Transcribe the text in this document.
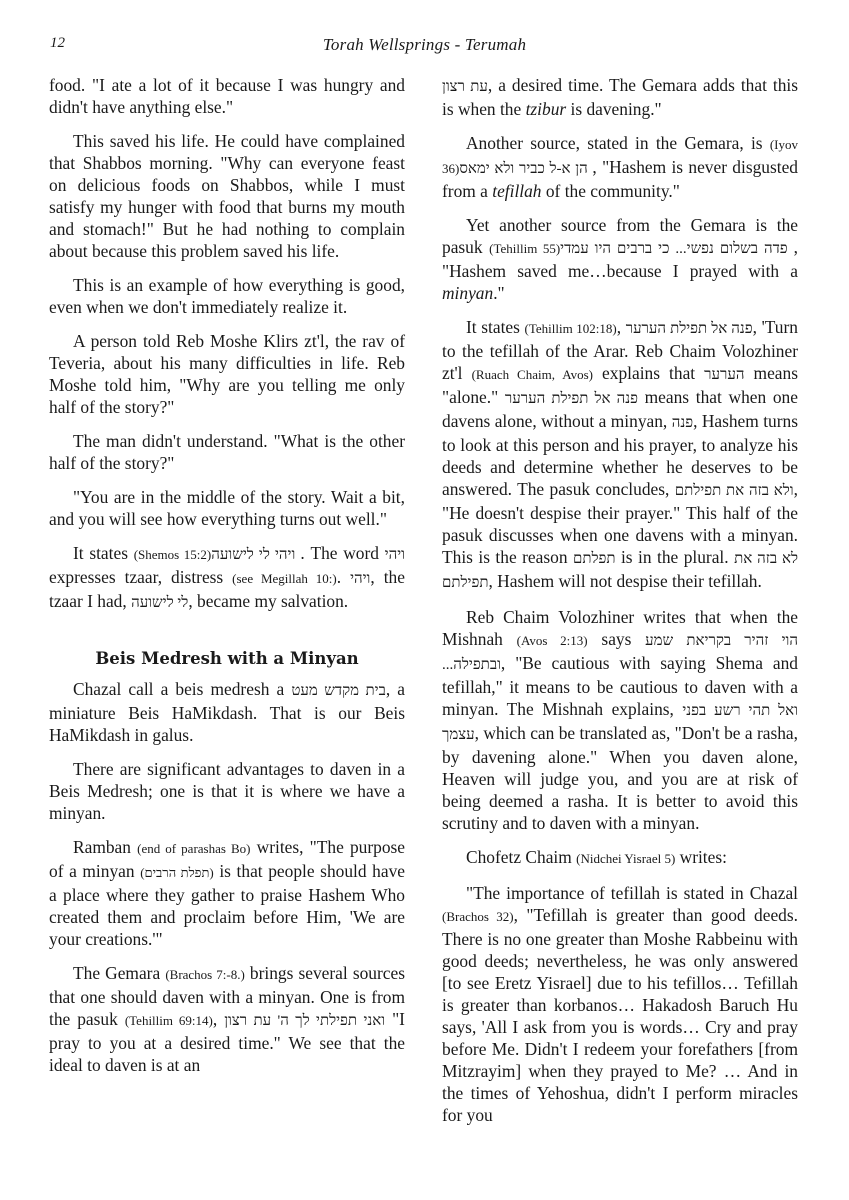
12	Torah Wellsprings - Terumah

food. "I ate a lot of it because I was hungry and didn't have anything else."

This saved his life. He could have complained that Shabbos morning. "Why can everyone feast on delicious foods on Shabbos, while I must satisfy my hunger with food that burns my mouth and stomach!" But he had nothing to complain about because this problem saved his life.

This is an example of how everything is good, even when we don't immediately realize it.

A person told Reb Moshe Klirs zt'l, the rav of Teveria, about his many difficulties in life. Reb Moshe told him, "Why are you telling me only half of the story?"

The man didn't understand. "What is the other half of the story?"

"You are in the middle of the story. Wait a bit, and you will see how everything turns out well."

It states (Shemos 15:2) ויהי לי לישועה. The word ויהי expresses tzaar, distress (see Megillah 10:). ויהי, the tzaar I had, לי לישועה, became my salvation.

Beis Medresh with a Minyan

Chazal call a beis medresh a בית מקדש מעט, a miniature Beis HaMikdash. That is our Beis HaMikdash in galus.

There are significant advantages to daven in a Beis Medresh; one is that it is where we have a minyan.

Ramban (end of parashas Bo) writes, "The purpose of a minyan (תפלת הרבים) is that people should have a place where they gather to praise Hashem Who created them and proclaim before Him, 'We are your creations.'"

The Gemara (Brachos 7:-8.) brings several sources that one should daven with a minyan. One is from the pasuk (Tehillim 69:14), ואני תפילתי לך ה' עת רצון "I pray to you at a desired time." We see that the ideal to daven is at an

עת רצון, a desired time. The Gemara adds that this is when the tzibur is davening."

Another source, stated in the Gemara, is (Iyov 36) הן א-ל כביר ולא ימאס, "Hashem is never disgusted from a tefillah of the community."

Yet another source from the Gemara is the pasuk (Tehillim 55) פדה בשלום נפשי... כי ברבים היו עמדי, "Hashem saved me…because I prayed with a minyan."

It states (Tehillim 102:18), פנה אל תפילת הערער, 'Turn to the tefillah of the Arar. Reb Chaim Volozhiner zt'l (Ruach Chaim, Avos) explains that הערער means "alone." פנה אל תפילת הערער means that when one davens alone, without a minyan, פנה, Hashem turns to look at this person and his prayer, to analyze his deeds and determine whether he deserves to be answered. The pasuk concludes, ולא בזה את תפילתם, "He doesn't despise their prayer." This half of the pasuk discusses when one davens with a minyan. This is the reason תפלתם is in the plural. לא בזה את תפילתם, Hashem will not despise their tefillah.

Reb Chaim Volozhiner writes that when the Mishnah (Avos 2:13) says הוי זהיר בקריאת שמע ובתפילה..., "Be cautious with saying Shema and tefillah," it means to be cautious to daven with a minyan. The Mishnah explains, ואל תהי רשע בפני עצמך, which can be translated as, "Don't be a rasha, by davening alone." When you daven alone, Heaven will judge you, and you are at risk of being deemed a rasha. It is better to avoid this scrutiny and to daven with a minyan.

Chofetz Chaim (Nidchei Yisrael 5) writes:

"The importance of tefillah is stated in Chazal (Brachos 32), "Tefillah is greater than good deeds. There is no one greater than Moshe Rabbeinu with good deeds; nevertheless, he was only answered [to see Eretz Yisrael] due to his tefillos… Tefillah is greater than korbanos… Hakadosh Baruch Hu says, 'All I ask from you is words… Cry and pray before Me. Didn't I redeem your forefathers [from Mitzrayim] when they prayed to Me? … And in the times of Yehoshua, didn't I perform miracles for you
